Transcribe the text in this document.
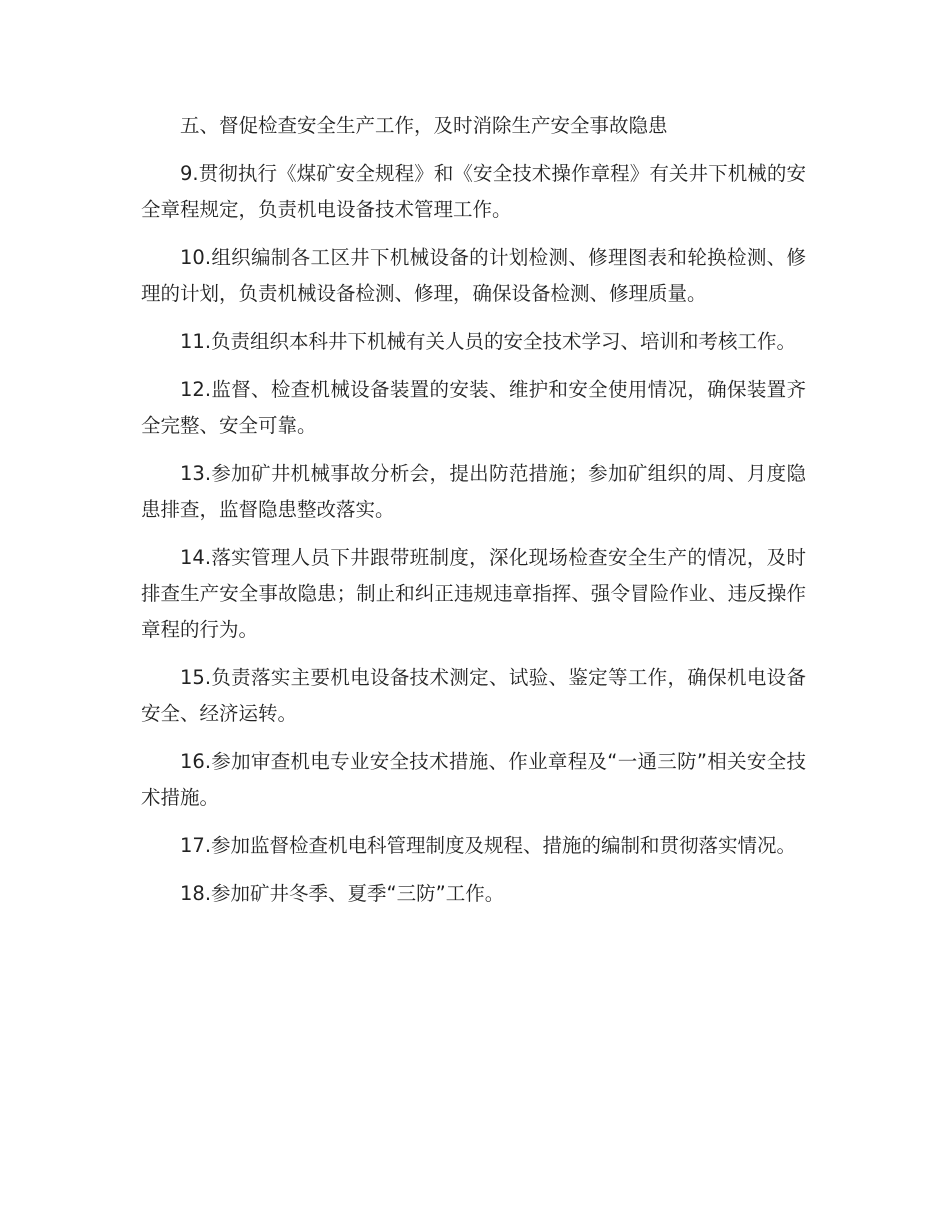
五、督促检查安全生产工作，及时消除生产安全事故隐患

9.贯彻执行《煤矿安全规程》和《安全技术操作章程》有关井下机械的安全章程规定，负责机电设备技术管理工作。

10.组织编制各工区井下机械设备的计划检测、修理图表和轮换检测、修理的计划，负责机械设备检测、修理，确保设备检测、修理质量。

11.负责组织本科井下机械有关人员的安全技术学习、培训和考核工作。

12.监督、检查机械设备装置的安装、维护和安全使用情况，确保装置齐全完整、安全可靠。

13.参加矿井机械事故分析会，提出防范措施；参加矿组织的周、月度隐患排查，监督隐患整改落实。

14.落实管理人员下井跟带班制度，深化现场检查安全生产的情况，及时排查生产安全事故隐患；制止和纠正违规违章指挥、强令冒险作业、违反操作章程的行为。

15.负责落实主要机电设备技术测定、试验、鉴定等工作，确保机电设备安全、经济运转。

16.参加审查机电专业安全技术措施、作业章程及“一通三防”相关安全技术措施。

17.参加监督检查机电科管理制度及规程、措施的编制和贯彻落实情况。

18.参加矿井冬季、夏季“三防”工作。
